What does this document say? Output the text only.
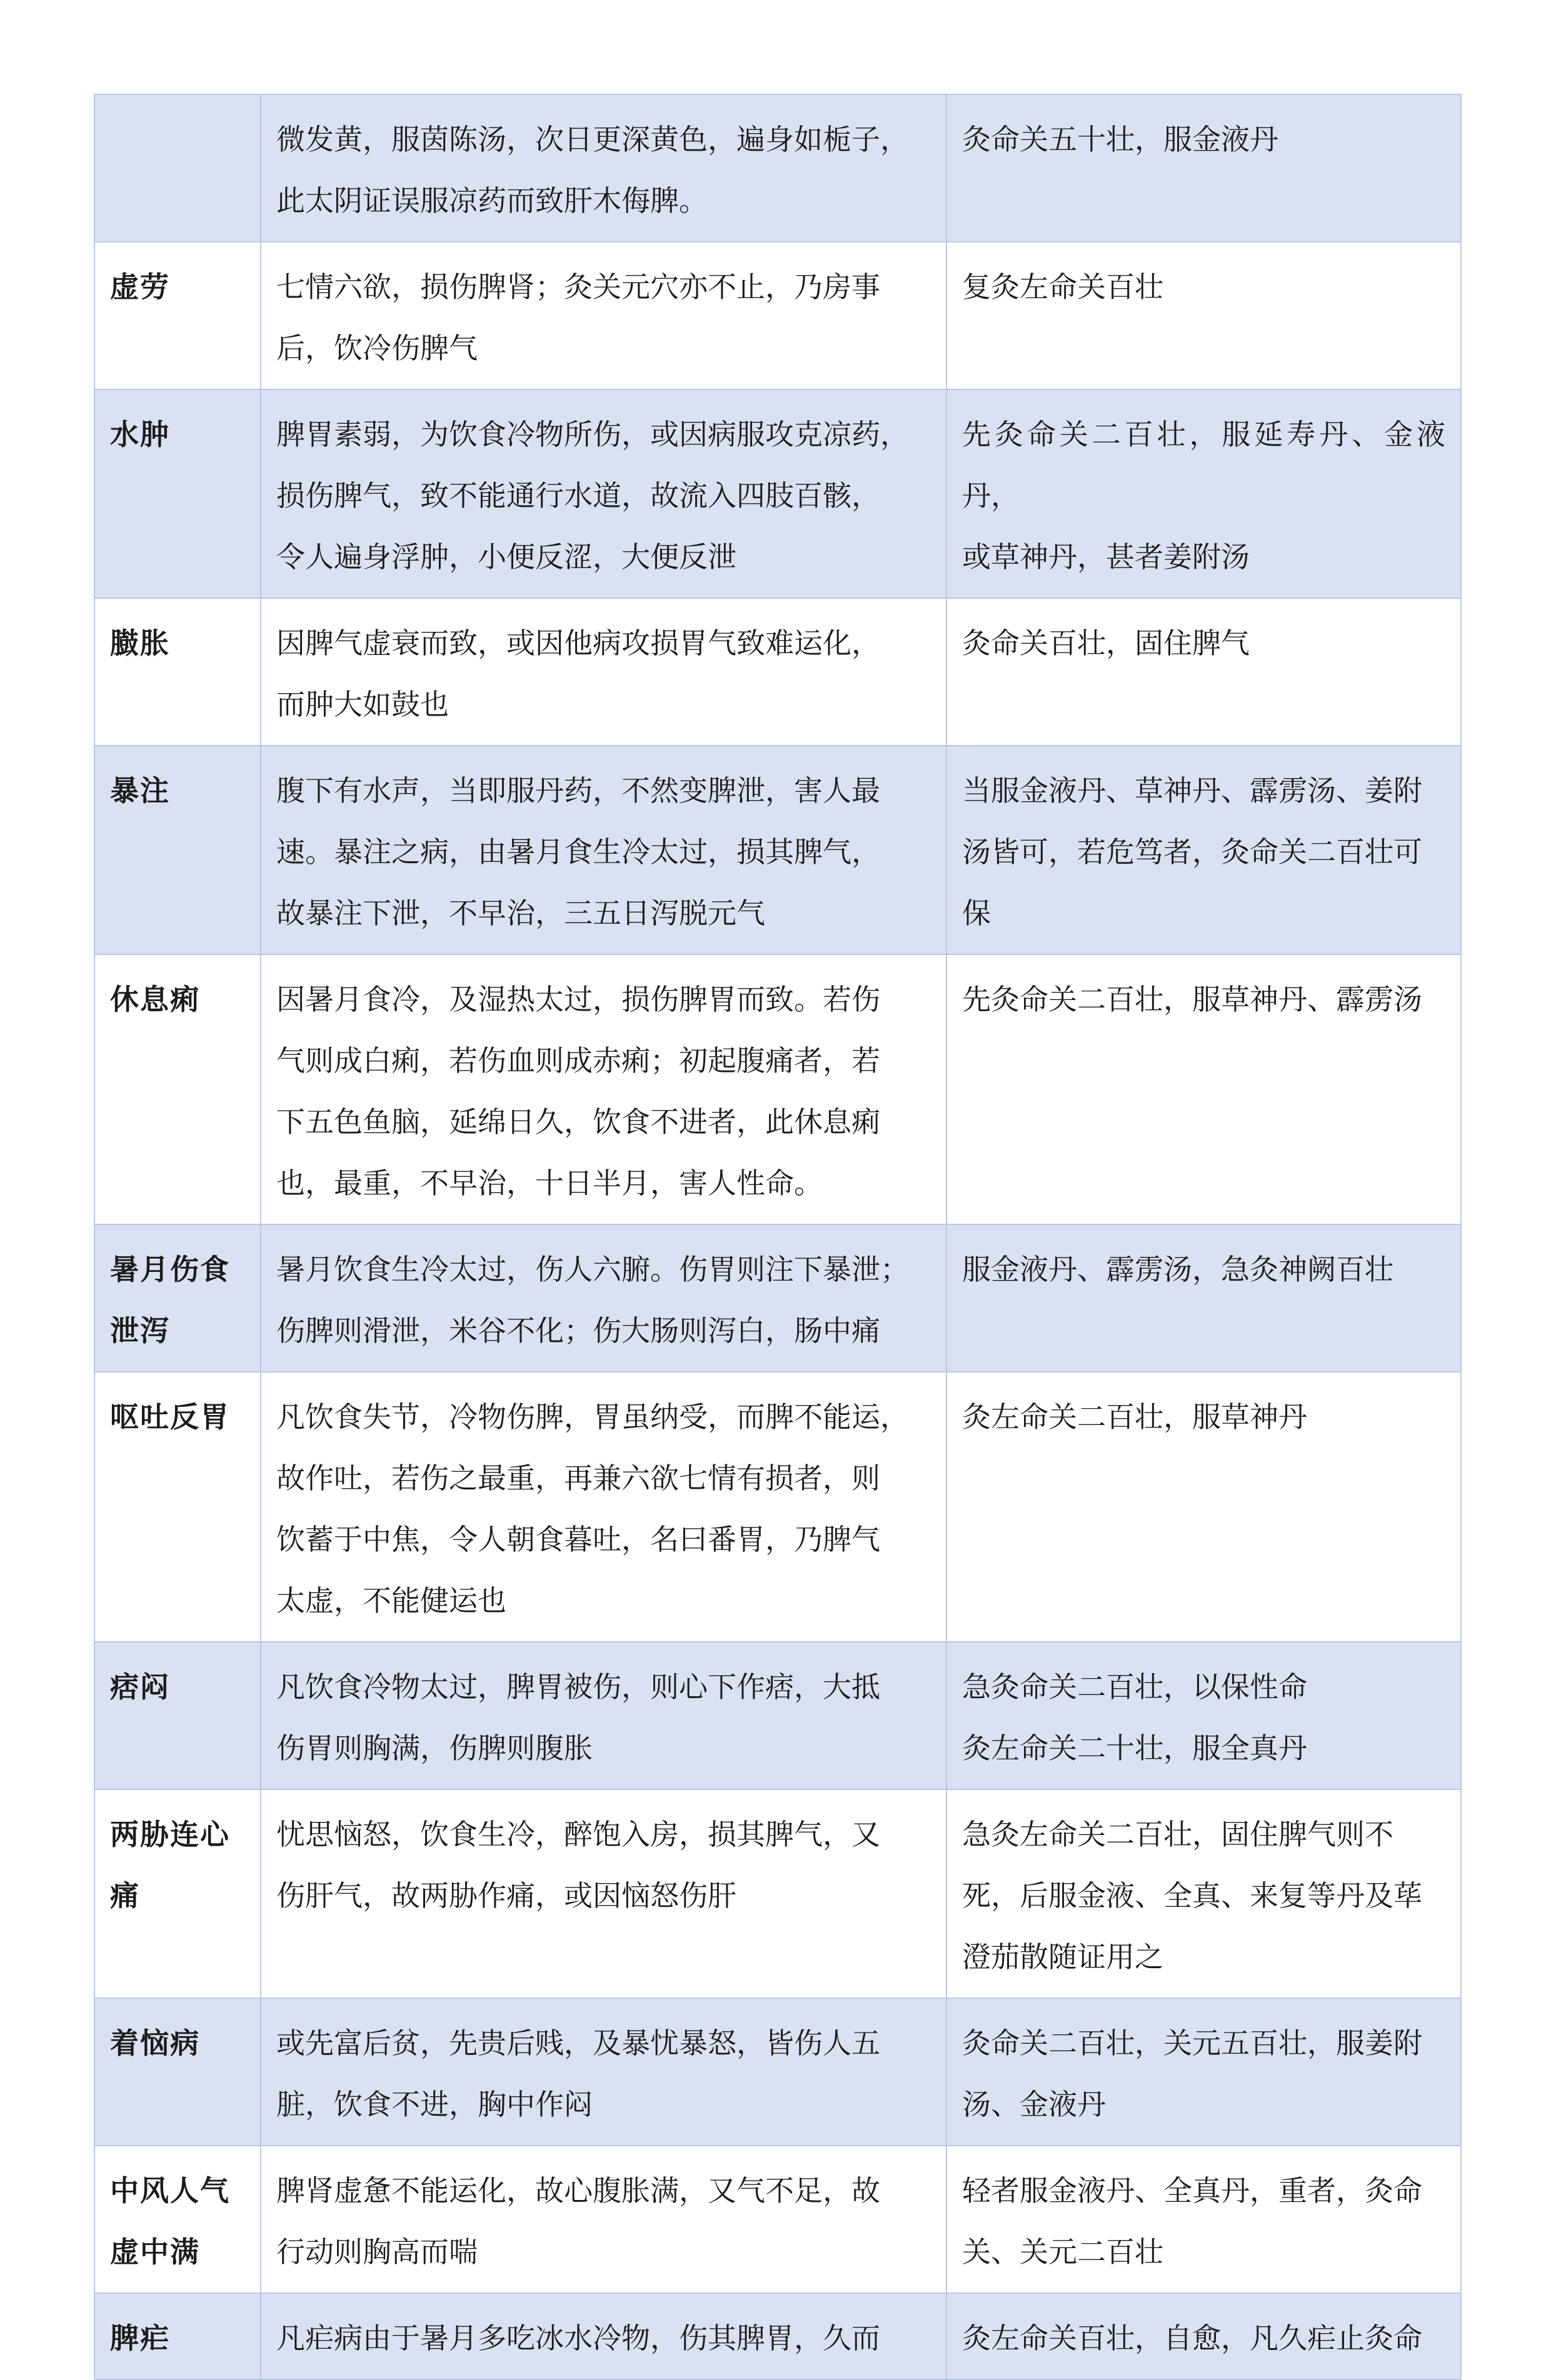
	微发黄，服茵陈汤，次日更深黄色，遍身如栀子，
此太阴证误服凉药而致肝木侮脾。	灸命关五十壮，服金液丹

虚劳	七情六欲，损伤脾肾；灸关元穴亦不止，乃房事
后，饮冷伤脾气	复灸左命关百壮

水肿	脾胃素弱，为饮食冷物所伤，或因病服攻克凉药，
损伤脾气，致不能通行水道，故流入四肢百骸，
令人遍身浮肿，小便反涩，大便反泄	先灸命关二百壮，服延寿丹、金液丹，
或草神丹，甚者姜附汤

臌胀	因脾气虚衰而致，或因他病攻损胃气致难运化，
而肿大如鼓也	灸命关百壮，固住脾气

暴注	腹下有水声，当即服丹药，不然变脾泄，害人最
速。暴注之病，由暑月食生冷太过，损其脾气，
故暴注下泄，不早治，三五日泻脱元气	当服金液丹、草神丹、霹雳汤、姜附
汤皆可，若危笃者，灸命关二百壮可
保

休息痢	因暑月食冷，及湿热太过，损伤脾胃而致。若伤
气则成白痢，若伤血则成赤痢；初起腹痛者，若
下五色鱼脑，延绵日久，饮食不进者，此休息痢
也，最重，不早治，十日半月，害人性命。	先灸命关二百壮，服草神丹、霹雳汤

暑月伤食
泄泻	暑月饮食生冷太过，伤人六腑。伤胃则注下暴泄；
伤脾则滑泄，米谷不化；伤大肠则泻白，肠中痛	服金液丹、霹雳汤，急灸神阙百壮

呕吐反胃	凡饮食失节，冷物伤脾，胃虽纳受，而脾不能运，
故作吐，若伤之最重，再兼六欲七情有损者，则
饮蓄于中焦，令人朝食暮吐，名曰番胃，乃脾气
太虚，不能健运也	灸左命关二百壮，服草神丹

痞闷	凡饮食冷物太过，脾胃被伤，则心下作痞，大抵
伤胃则胸满，伤脾则腹胀	急灸命关二百壮，以保性命
灸左命关二十壮，服全真丹

两胁连心
痛	忧思恼怒，饮食生冷，醉饱入房，损其脾气，又
伤肝气，故两胁作痛，或因恼怒伤肝	急灸左命关二百壮，固住脾气则不
死，后服金液、全真、来复等丹及荜
澄茄散随证用之

着恼病	或先富后贫，先贵后贱，及暴忧暴怒，皆伤人五
脏，饮食不进，胸中作闷	灸命关二百壮，关元五百壮，服姜附
汤、金液丹

中风人气
虚中满	脾肾虚惫不能运化，故心腹胀满，又气不足，故
行动则胸高而喘	轻者服金液丹、全真丹，重者，灸命
关、关元二百壮

脾疟	凡疟病由于暑月多吃冰水冷物，伤其脾胃，久而	灸左命关百壮，自愈，凡久疟止灸命
